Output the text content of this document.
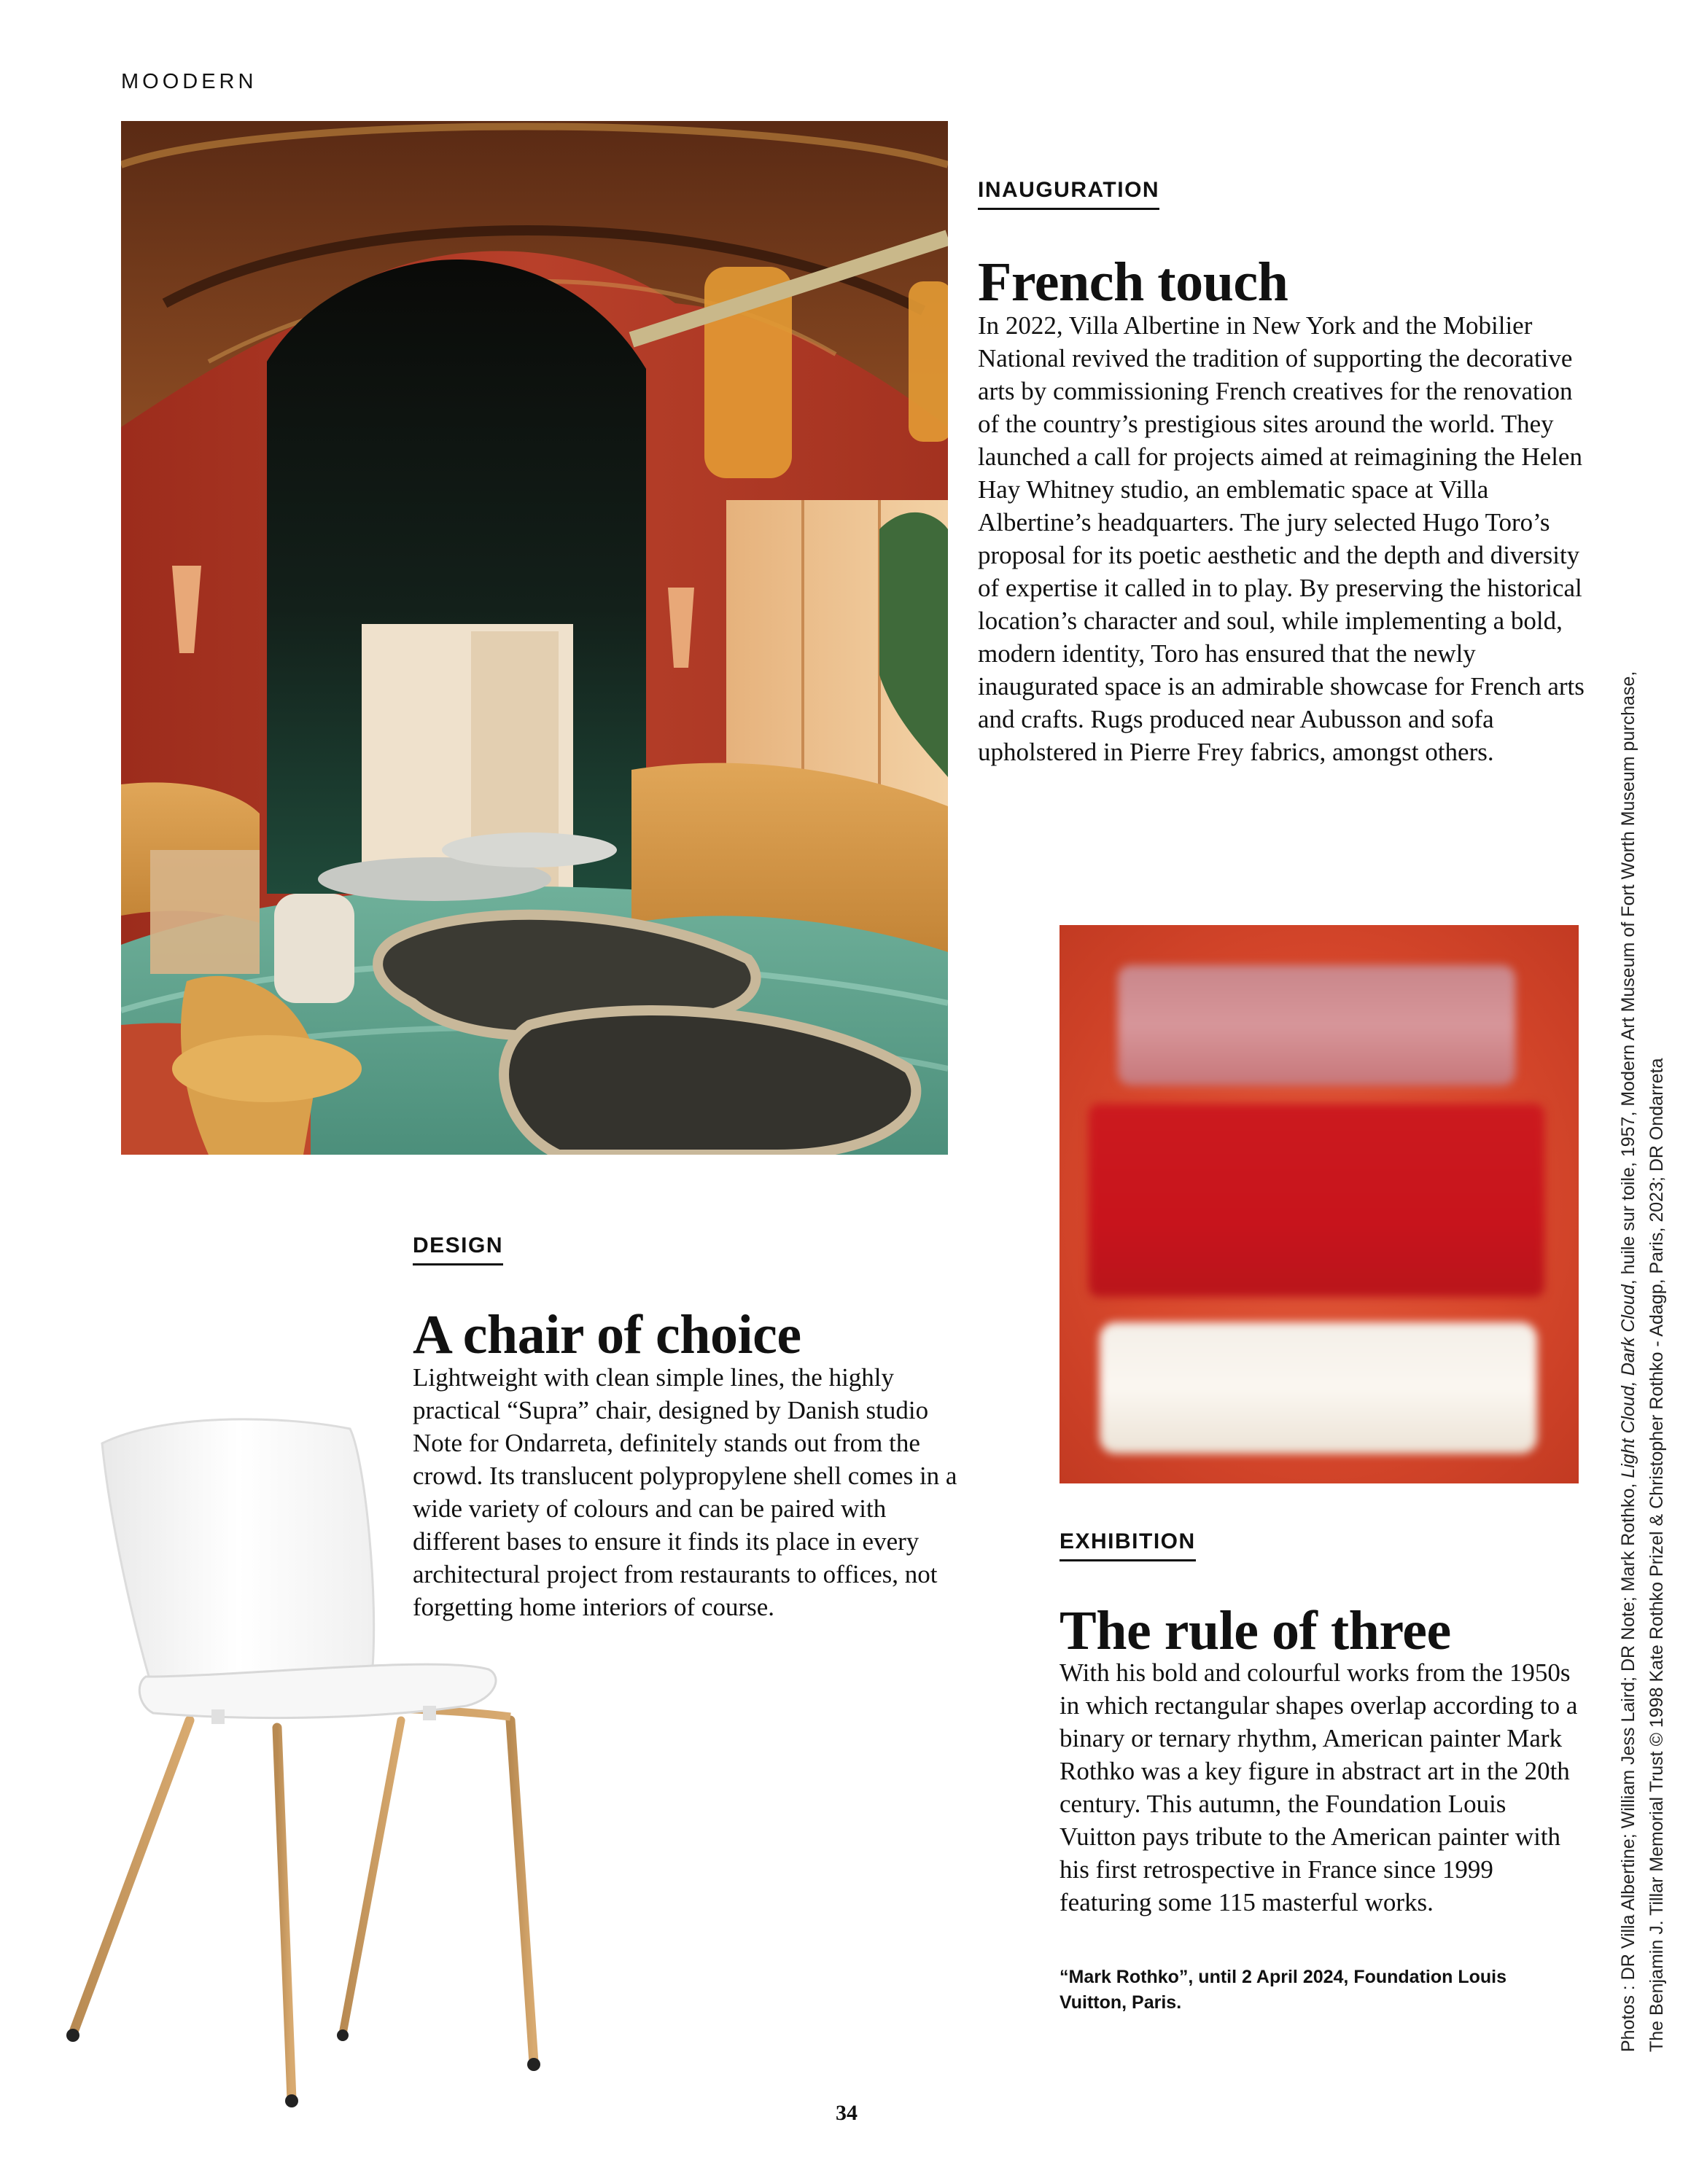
MOODERN
INAUGURATION
French touch

In 2022, Villa Albertine in New York and the Mobilier National revived the tradition of supporting the decorative arts by commissioning French creatives for the renovation of the country’s prestigious sites around the world. They launched a call for projects aimed at reimagining the Helen Hay Whitney studio, an emblematic space at Villa Albertine’s headquarters. The jury selected Hugo Toro’s proposal for its poetic aesthetic and the depth and diversity of expertise it called in to play. By preserving the historical location’s character and soul, while implementing a bold, modern identity, Toro has ensured that the newly inaugurated space is an admirable showcase for French arts and crafts. Rugs produced near Aubusson and sofa upholstered in Pierre Frey fabrics, amongst others.

DESIGN
A chair of choice

Lightweight with clean simple lines, the highly practical “Supra” chair, designed by Danish studio Note for Ondarreta, definitely stands out from the crowd. Its translucent polypropylene shell comes in a wide variety of colours and can be paired with different bases to ensure it finds its place in every architectural project from restaurants to offices, not forgetting home interiors of course.

EXHIBITION
The rule of three

With his bold and colourful works from the 1950s in which rectangular shapes overlap according to a binary or ternary rhythm, American painter Mark Rothko was a key figure in abstract art in the 20th century. This autumn, the Foundation Louis Vuitton pays tribute to the American painter with his first retrospective in France since 1999 featuring some 115 masterful works.

“Mark Rothko”, until 2 April 2024, Foundation Louis Vuitton, Paris.	Photos : DR Villa Albertine; William Jess Laird; DR Note; Mark Rothko, Light Cloud, Dark Cloud, huile sur toile, 1957, Modern Art Museum of Fort Worth Museum purchase,
The Benjamin J. Tillar Memorial Trust © 1998 Kate Rothko Prizel & Christopher Rothko - Adagp, Paris, 2023; DR Ondarreta
34
